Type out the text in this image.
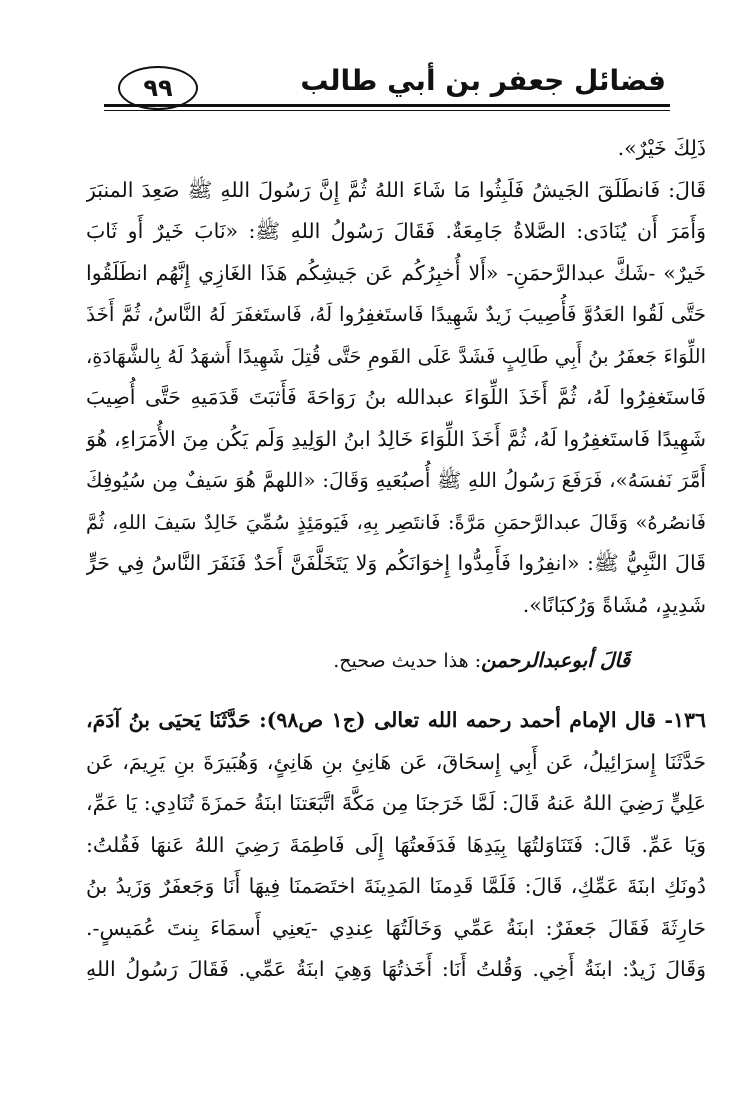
فضائل جعفر بن أبي طالب
٩٩
ذَلِكَ خَيْرٌ».
قَالَ: فَانطَلَقَ الجَيشُ فَلَبِثُوا مَا شَاءَ اللهُ ثُمَّ إِنَّ رَسُولَ اللهِ ﷺ صَعِدَ المنبَرَ
وَأَمَرَ أَن يُنَادَى: الصَّلاةُ جَامِعَةٌ. فَقَالَ رَسُولُ اللهِ ﷺ: «نَابَ خَيرٌ أَو ثَابَ
خَيرٌ» -شَكَّ عبدالرَّحمَنِ- «أَلا أُخبِرُكُم عَن جَيشِكُم هَذَا الغَازِي إِنَّهُم انطَلَقُوا
حَتَّى لَقُوا العَدُوَّ فَأُصِيبَ زَيدٌ شَهِيدًا فَاستَغفِرُوا لَهُ، فَاستَغفَرَ لَهُ النَّاسُ، ثُمَّ أَخَذَ
اللِّوَاءَ جَعفَرُ بنُ أَبِي طَالِبٍ فَشَدَّ عَلَى القَومِ حَتَّى قُتِلَ شَهِيدًا أَشهَدُ لَهُ بِالشَّهَادَةِ،
فَاستَغفِرُوا لَهُ، ثُمَّ أَخَذَ اللِّوَاءَ عبدالله بنُ رَوَاحَةَ فَأَثبَتَ قَدَمَيهِ حَتَّى أُصِيبَ
شَهِيدًا فَاستَغفِرُوا لَهُ، ثُمَّ أَخَذَ اللِّوَاءَ خَالِدُ ابنُ الوَلِيدِ وَلَم يَكُن مِنَ الأُمَرَاءِ، هُوَ
أَمَّرَ نَفسَهُ»، فَرَفَعَ رَسُولُ اللهِ ﷺ أُصبُعَيهِ وَقَالَ: «اللهمَّ هُوَ سَيفٌ مِن سُيُوفِكَ
فَانصُرهُ» وَقَالَ عبدالرَّحمَنِ مَرَّةً: فَانتَصِر بِهِ، فَيَومَئِذٍ سُمِّيَ خَالِدٌ سَيفَ اللهِ، ثُمَّ
قَالَ النَّبِيُّ ﷺ: «انفِرُوا فَأَمِدُّوا إِخوَانَكُم وَلا يَتَخَلَّفَنَّ أَحَدٌ فَنَفَرَ النَّاسُ فِي حَرٍّ
شَدِيدٍ، مُشَاةً وَرُكبَانًا».
قَالَ أبوعبدالرحمن: هذا حديث صحيح.
١٣٦- قال الإمام أحمد رحمه الله تعالى (ج١ ص٩٨): حَدَّثَنَا يَحيَى بنُ آدَمَ،
حَدَّثَنَا إِسرَائِيلُ، عَن أَبِي إِسحَاقَ، عَن هَانِئِ بنِ هَانِئٍ، وَهُبَيرَةَ بنِ يَرِيمَ، عَن
عَلِيٍّ رَضِيَ اللهُ عَنهُ قَالَ: لَمَّا خَرَجنَا مِن مَكَّةَ اتَّبَعَتنَا ابنَةُ حَمزَةَ تُنَادِي: يَا عَمِّ،
وَيَا عَمِّ. قَالَ: فَتَنَاوَلتُهَا بِيَدِهَا فَدَفَعتُهَا إِلَى فَاطِمَةَ رَضِيَ اللهُ عَنهَا فَقُلتُ:
دُونَكِ ابنَةَ عَمِّكِ، قَالَ: فَلَمَّا قَدِمنَا المَدِينَةَ اختَصَمنَا فِيهَا أَنَا وَجَعفَرٌ وَزَيدُ بنُ
حَارِثَةَ فَقَالَ جَعفَرٌ: ابنَةُ عَمِّي وَخَالَتُهَا عِندِي -يَعنِي أَسمَاءَ بِنتَ عُمَيسٍ-.
وَقَالَ زَيدٌ: ابنَةُ أَخِي. وَقُلتُ أَنَا: أَخَذتُهَا وَهِيَ ابنَةُ عَمِّي. فَقَالَ رَسُولُ اللهِ
